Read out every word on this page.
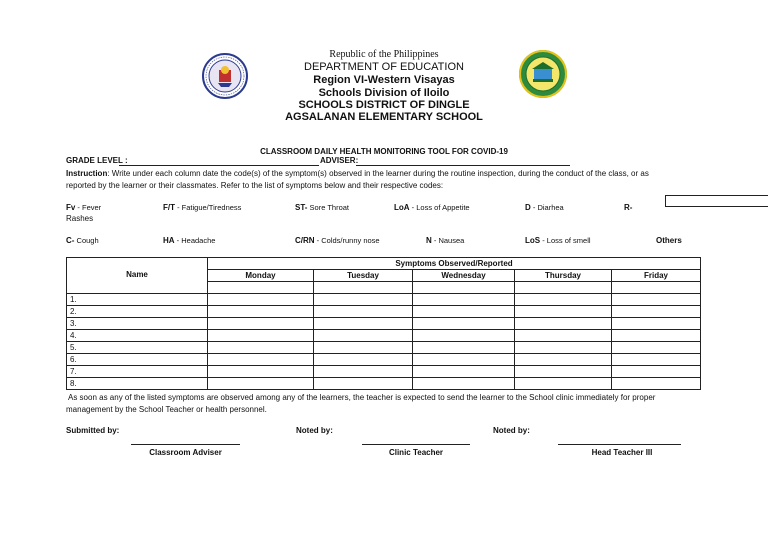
Republic of the Philippines
DEPARTMENT OF EDUCATION
Region VI-Western Visayas
Schools Division of Iloilo
SCHOOLS DISTRICT OF DINGLE
AGSALANAN ELEMENTARY SCHOOL
CLASSROOM DAILY HEALTH MONITORING TOOL FOR COVID-19
GRADE LEVEL :	ADVISER:
Instruction: Write under each column date the code(s) of the symptom(s) observed in the learner during the routine inspection, during the conduct of the class, or as
reported by the learner or their classmates. Refer to the list of symptoms below and their respective codes:
Fv - Fever
Rashes
F/T - Fatigue/Tiredness	ST- Sore Throat	LoA - Loss of Appetite	D - Diarhea	R-
C- Cough	HA - Headache	C/RN - Colds/runny nose	N - Nausea	LoS - Loss of smell	Others
Name	Symptoms Observed/Reported				
	Monday	Tuesday	Wednesday	Thursday	Friday

1.					
2.					
3.					
4.					
5.					
6.					
7.					
8.					
As soon as any of the listed symptoms are observed among any of the learners, the teacher is expected to send the learner to the School clinic immediately for proper
management by the School Teacher or health personnel.
Submitted by:	Noted by:	Noted by:
Classroom Adviser	Clinic Teacher	Head Teacher III
